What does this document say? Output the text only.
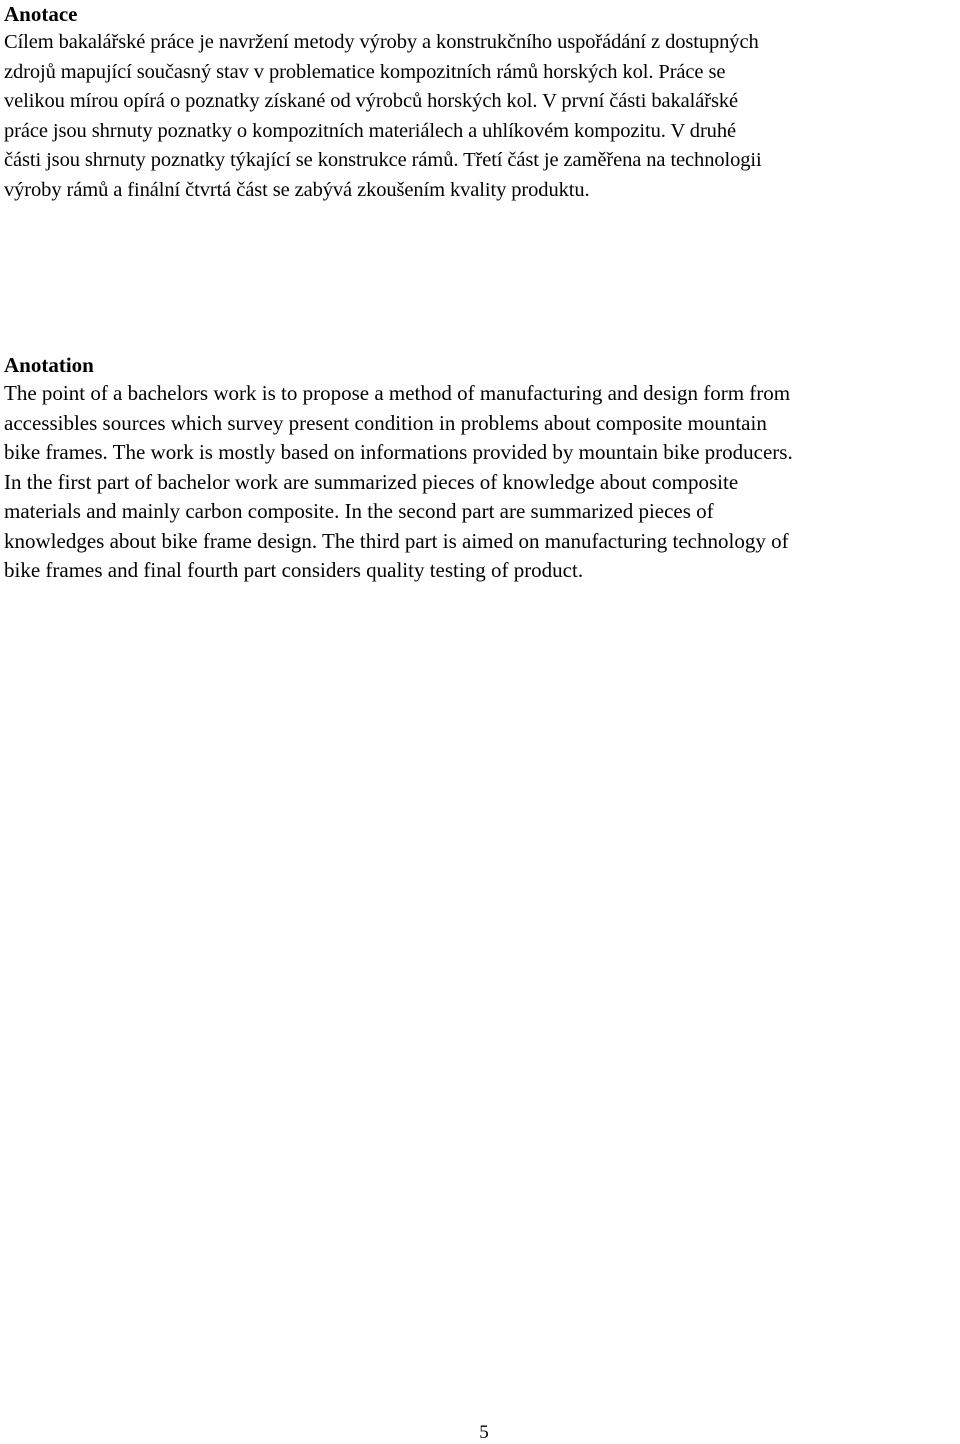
Anotace
Cílem bakalářské práce je navržení metody výroby a konstrukčního uspořádání z dostupných
zdrojů mapující současný stav v problematice kompozitních rámů horských kol. Práce se
velikou mírou opírá o poznatky získané od výrobců horských kol. V první části bakalářské
práce jsou shrnuty poznatky o kompozitních materiálech a uhlíkovém kompozitu. V druhé
části jsou shrnuty poznatky týkající se konstrukce rámů. Třetí část je zaměřena na technologii
výroby rámů a finální čtvrtá část se zabývá zkoušením kvality produktu.
Anotation
The point of a bachelors work is to propose a method of manufacturing and design form from
accessibles sources which survey present condition in problems about composite mountain
bike frames. The work is mostly based on informations provided by mountain bike producers.
In the first part of bachelor work are summarized pieces of knowledge about composite
materials and mainly carbon composite. In the second part are summarized pieces of
knowledges about bike frame design. The third part is aimed on manufacturing technology of
bike frames and final fourth part considers quality testing of product.
5
